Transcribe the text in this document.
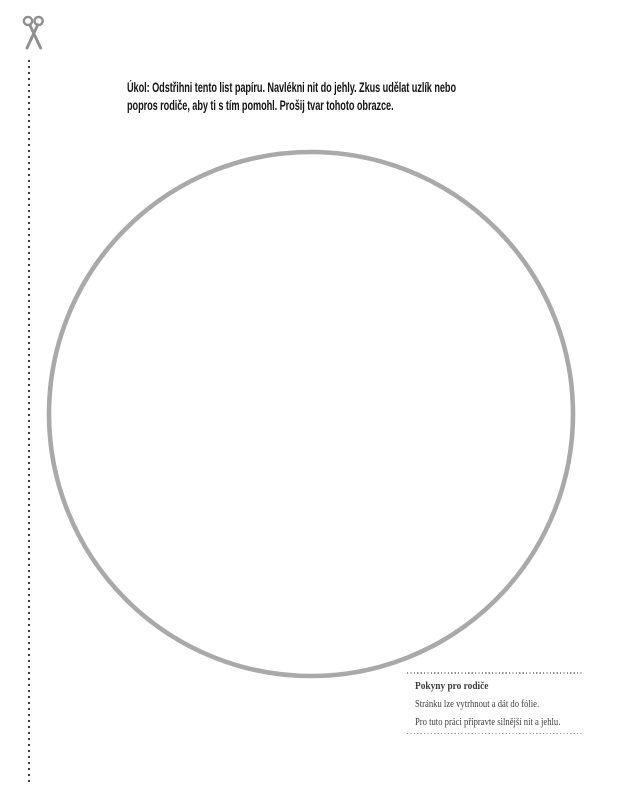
Úkol: Odstřihni tento list papíru. Navlékni nit do jehly. Zkus udělat uzlík nebo
popros rodiče, aby ti s tím pomohl. Prošij tvar tohoto obrazce.
Pokyny pro rodiče
Stránku lze vytrhnout a dát do fólie.
Pro tuto práci připravte silnější nit a jehlu.
